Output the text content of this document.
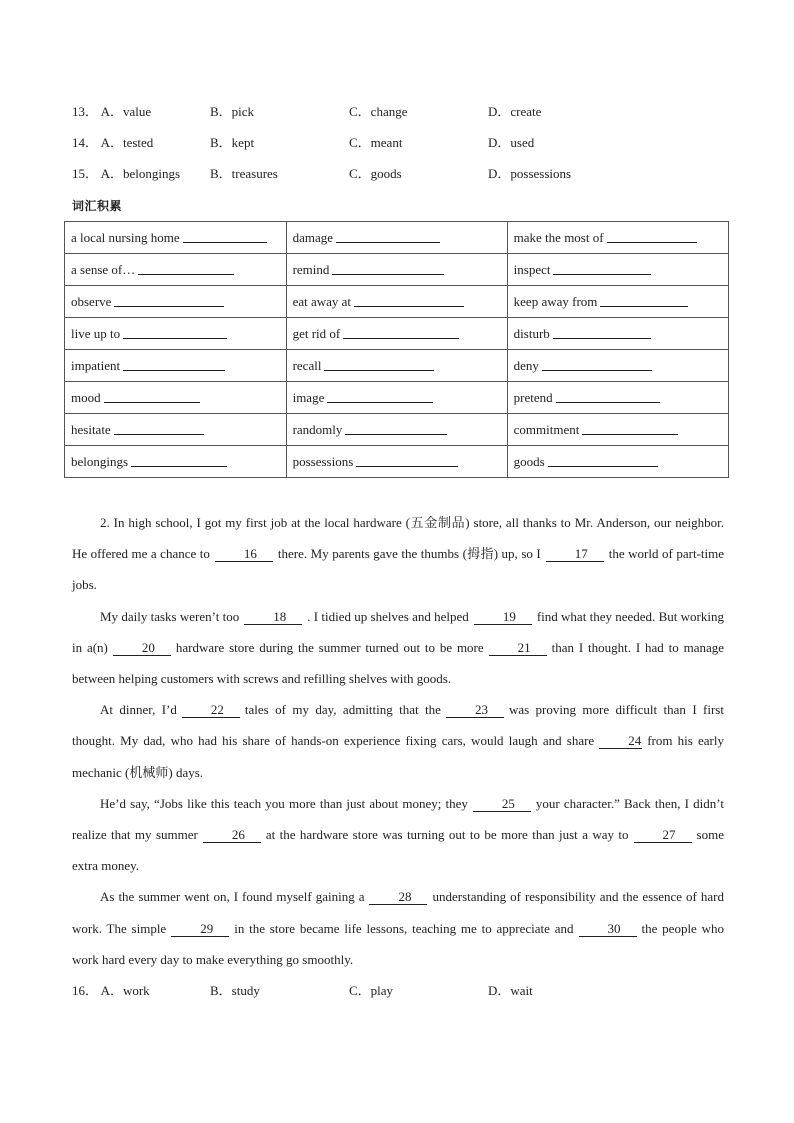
13． A．value	B．pick	C．change	D．create
14． A．tested	B．kept	C．meant	D．used
15． A．belongings B．treasures	C．goods	D．possessions
词汇积累
a local nursing home	damage	make the most of
a sense of…	remind	inspect
observe	eat away at	keep away from
live up to	get rid of	disturb
impatient	recall	deny
mood	image	pretend
hesitate	randomly	commitment
belongings	possessions	goods

2. In high school, I got my first job at the local hardware (五金制品) store, all thanks to Mr. Anderson, our neighbor. He offered me a chance to	16 there. My parents gave the thumbs (拇指) up, so I	17 the world of part-time jobs.

My daily tasks weren’t too	18 . I tidied up shelves and helped	19 find what they needed. But working in a(n)	20 hardware store during the summer turned out to be more	21 than I thought. I had to manage between helping customers with screws and refilling shelves with goods.

At dinner, I’d	22 tales of my day, admitting that the	23 was proving more difficult than I first thought. My dad, who had his share of hands-on experience fixing cars, would laugh and share	24 from his early mechanic (机械师) days.

He’d say, “Jobs like this teach you more than just about money; they	25 your character.” Back then, I didn’t realize that my summer	26 at the hardware store was turning out to be more than just a way to	27 some extra money.

As the summer went on, I found myself gaining a	28 understanding of responsibility and the essence of hard work. The simple	29 in the store became life lessons, teaching me to appreciate and	30 the people who work hard every day to make everything go smoothly.

16． A．work	B．study	C．play	D．wait
